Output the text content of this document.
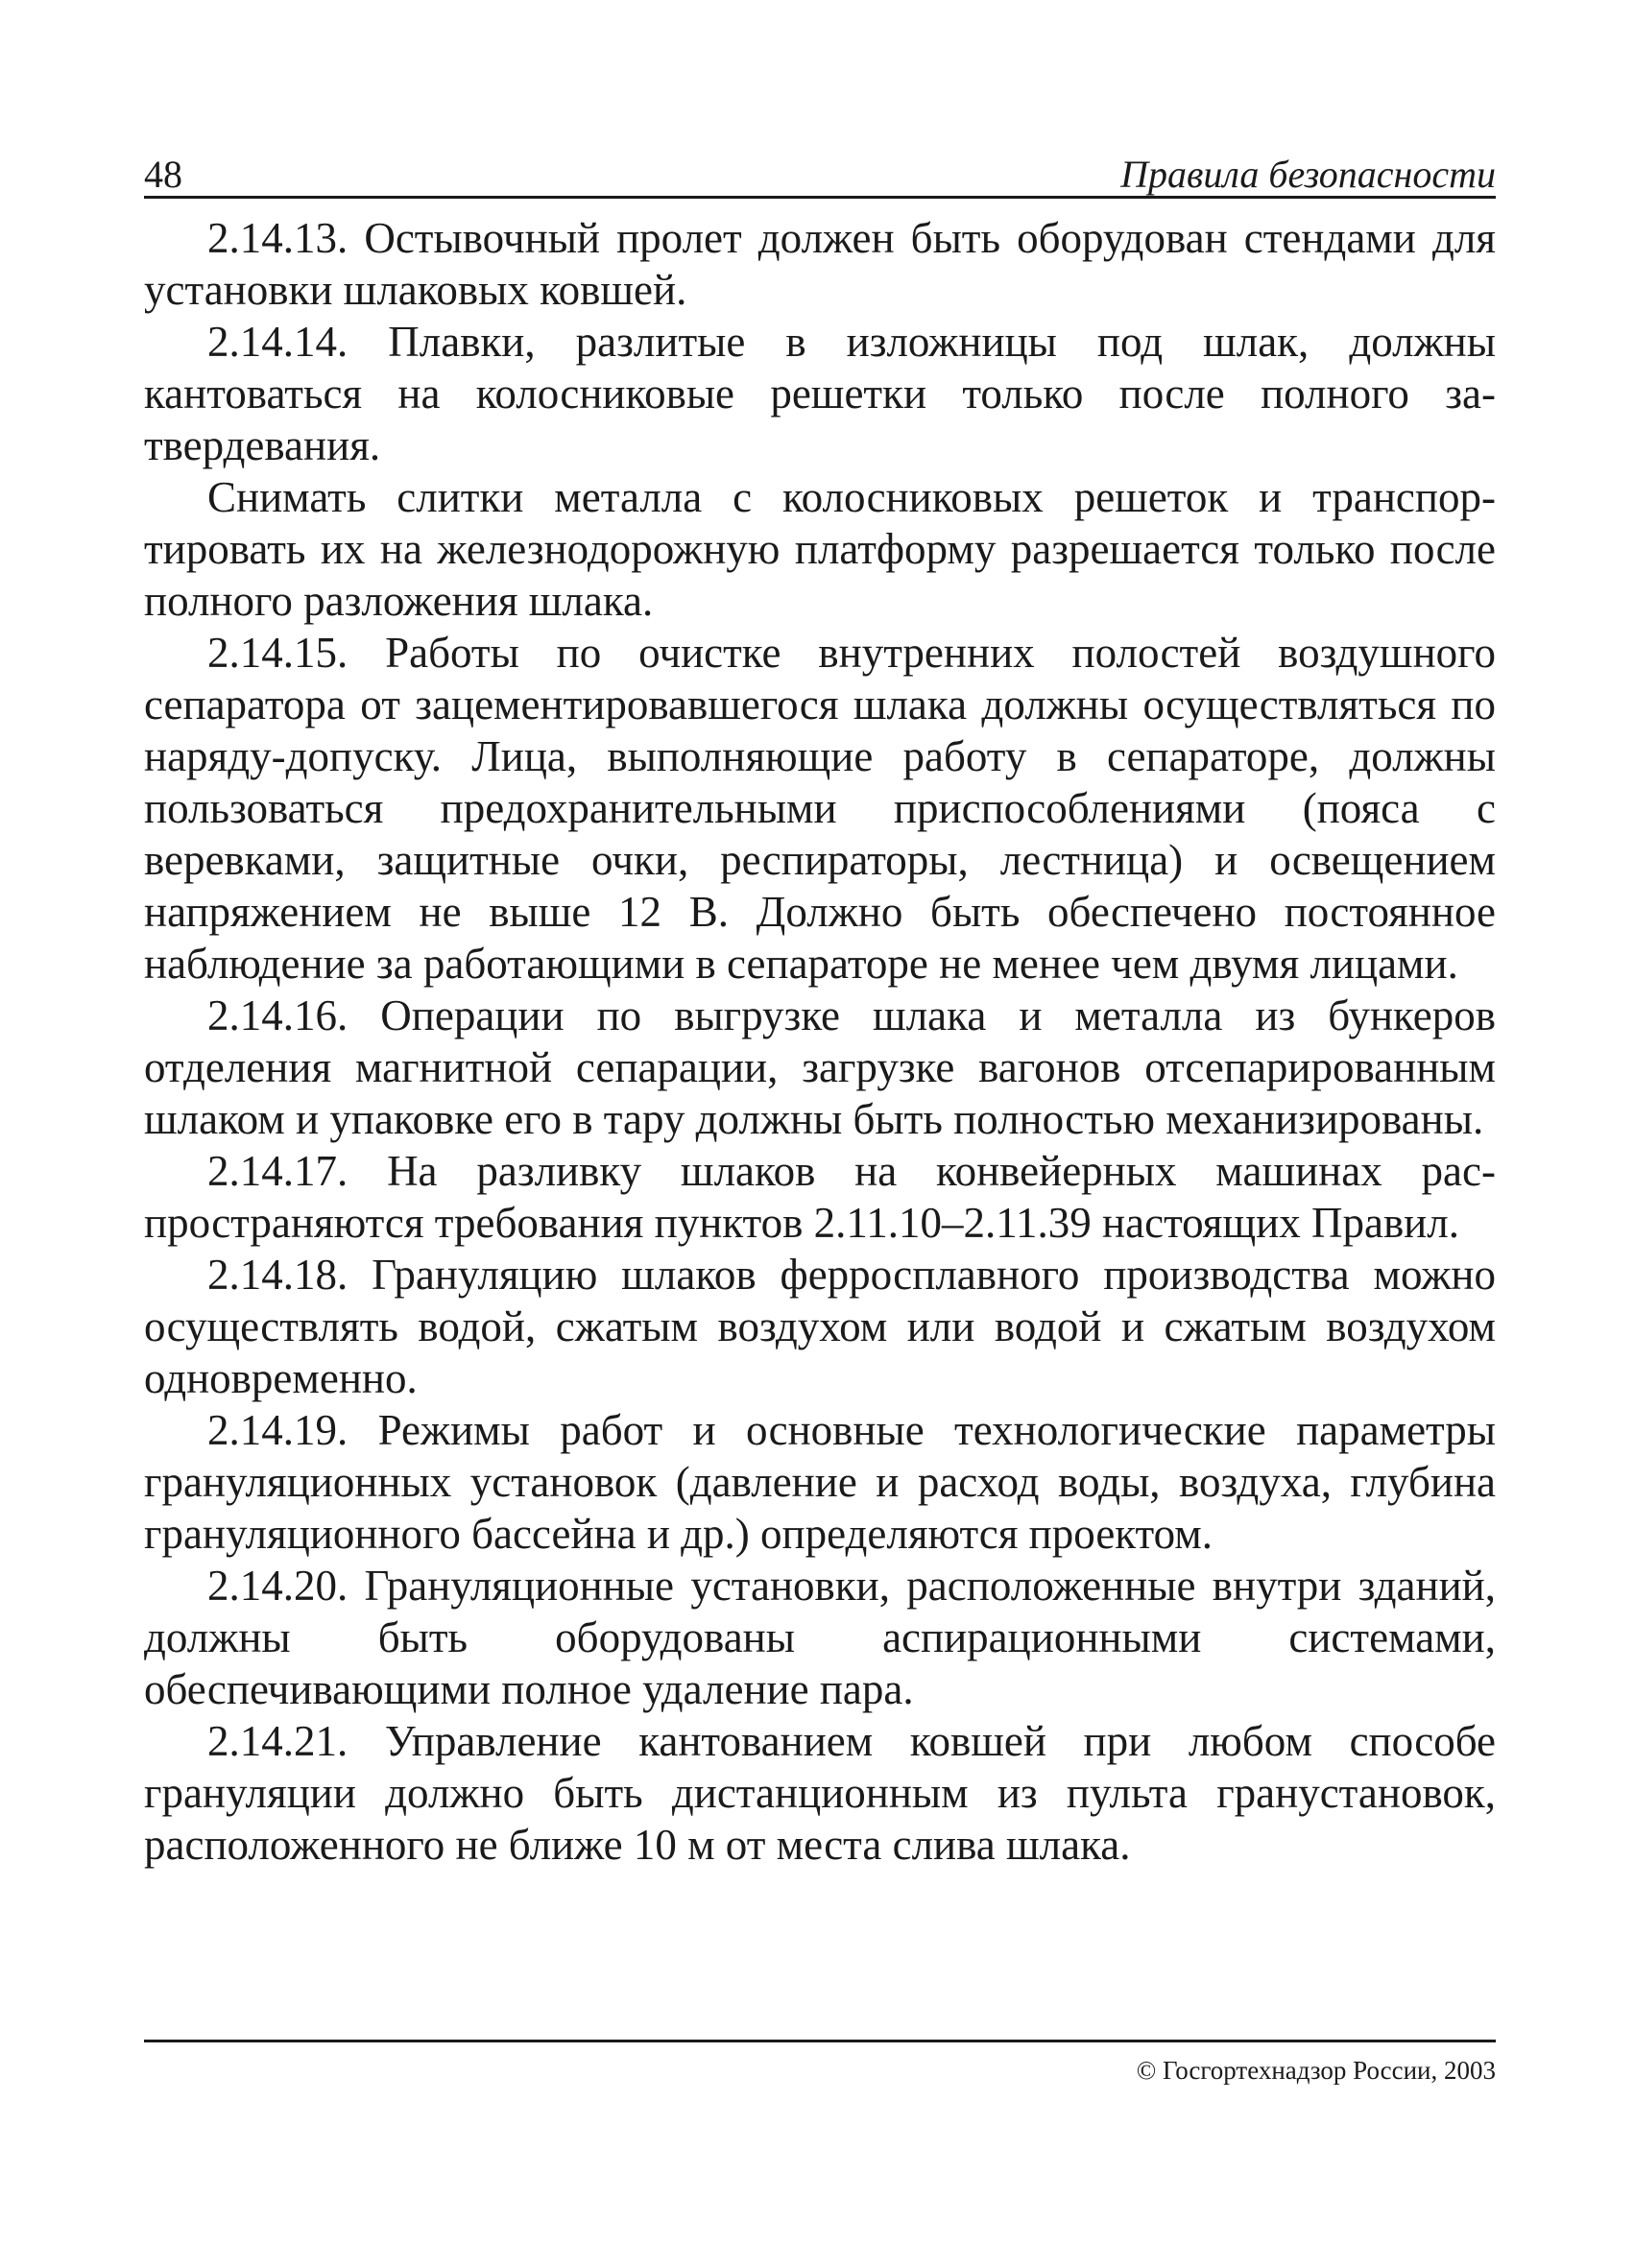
48	Правила безопасности

2.14.13. Остывочный пролет должен быть оборудован стендами для установки шлаковых ковшей.

2.14.14. Плавки, разлитые в изложницы под шлак, должны кантоваться на колосниковые решетки только после полного затвердевания.

Снимать слитки металла с колосниковых решеток и транспортировать их на железнодорожную платформу разрешается только после полного разложения шлака.

2.14.15. Работы по очистке внутренних полостей воздушного сепаратора от зацементировавшегося шлака должны осуществляться по наряду-допуску. Лица, выполняющие работу в сепараторе, должны пользоваться предохранительными приспособлениями (пояса с веревками, защитные очки, респираторы, лестница) и освещением напряжением не выше 12 В. Должно быть обеспечено постоянное наблюдение за работающими в сепараторе не менее чем двумя лицами.

2.14.16. Операции по выгрузке шлака и металла из бункеров отделения магнитной сепарации, загрузке вагонов отсепарированным шлаком и упаковке его в тару должны быть полностью механизированы.

2.14.17. На разливку шлаков на конвейерных машинах распространяются требования пунктов 2.11.10–2.11.39 настоящих Правил.

2.14.18. Грануляцию шлаков ферросплавного производства можно осуществлять водой, сжатым воздухом или водой и сжатым воздухом одновременно.

2.14.19. Режимы работ и основные технологические параметры грануляционных установок (давление и расход воды, воздуха, глубина грануляционного бассейна и др.) определяются проектом.

2.14.20. Грануляционные установки, расположенные внутри зданий, должны быть оборудованы аспирационными системами, обеспечивающими полное удаление пара.

2.14.21. Управление кантованием ковшей при любом способе грануляции должно быть дистанционным из пульта гранустановок, расположенного не ближе 10 м от места слива шлака.

© Госгортехнадзор России, 2003
